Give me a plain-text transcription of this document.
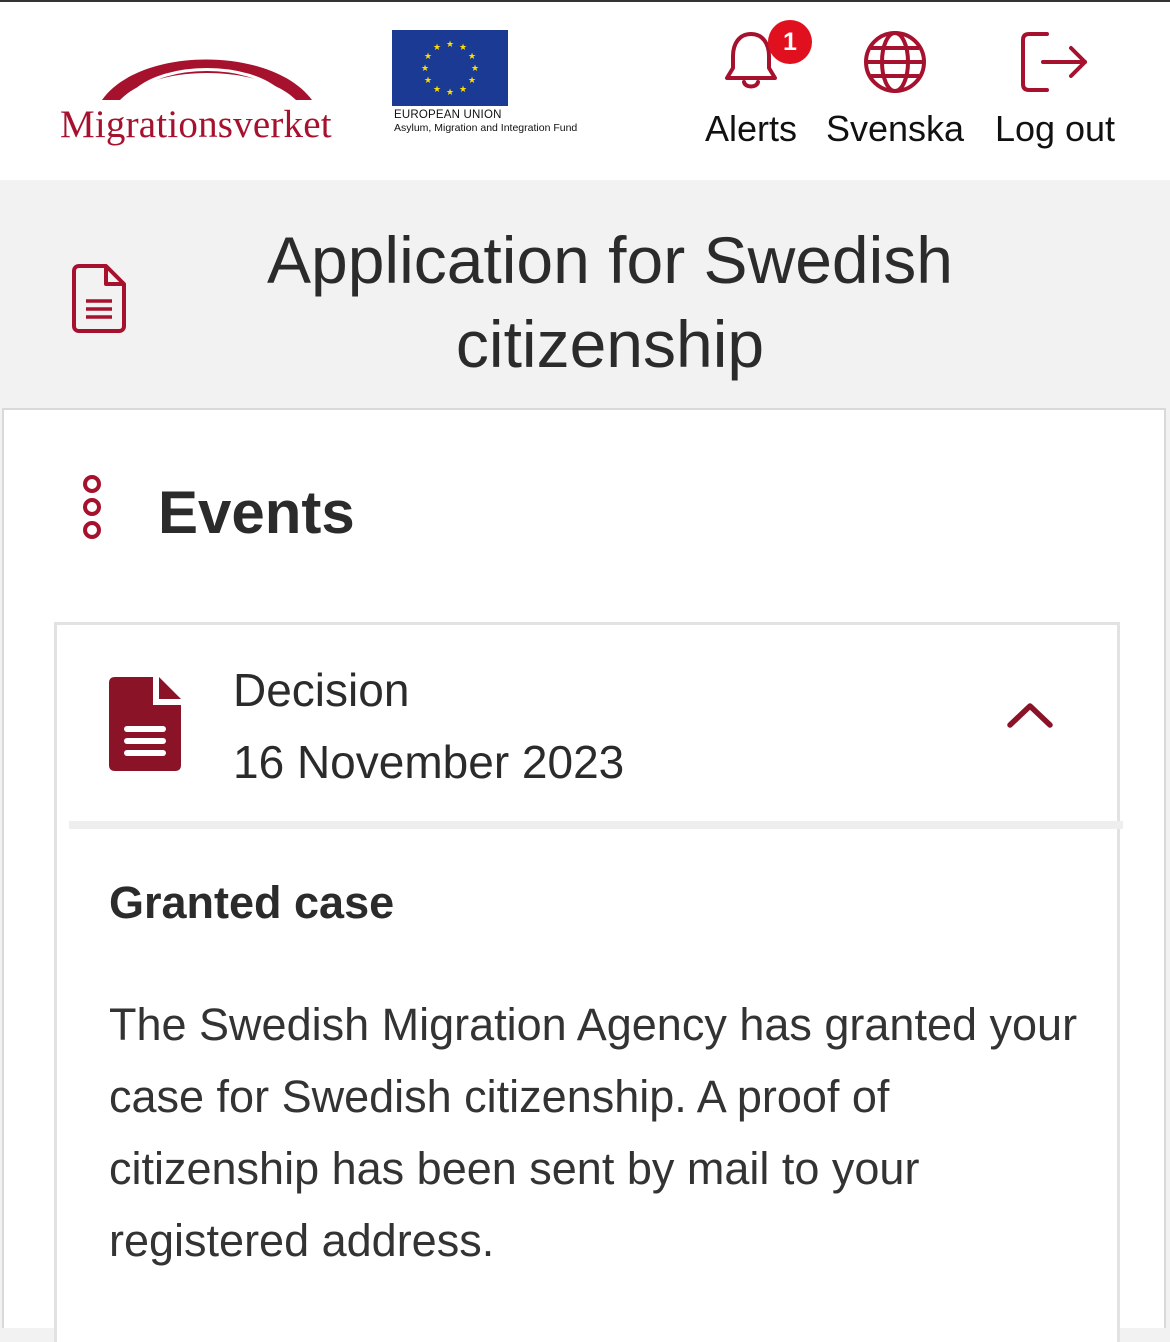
Migrationsverket
★ ★
★
★
★
★
★
★
★
★
★
★
EUROPEAN UNION
Asylum, Migration and Integration Fund	Alerts
1
Svenska Log out
Application for Swedish citizenship
Events
Decision
16 November 2023
Granted case
The Swedish Migration Agency has granted your case for Swedish citizenship. A proof of citizenship has been sent by mail to your registered address.
